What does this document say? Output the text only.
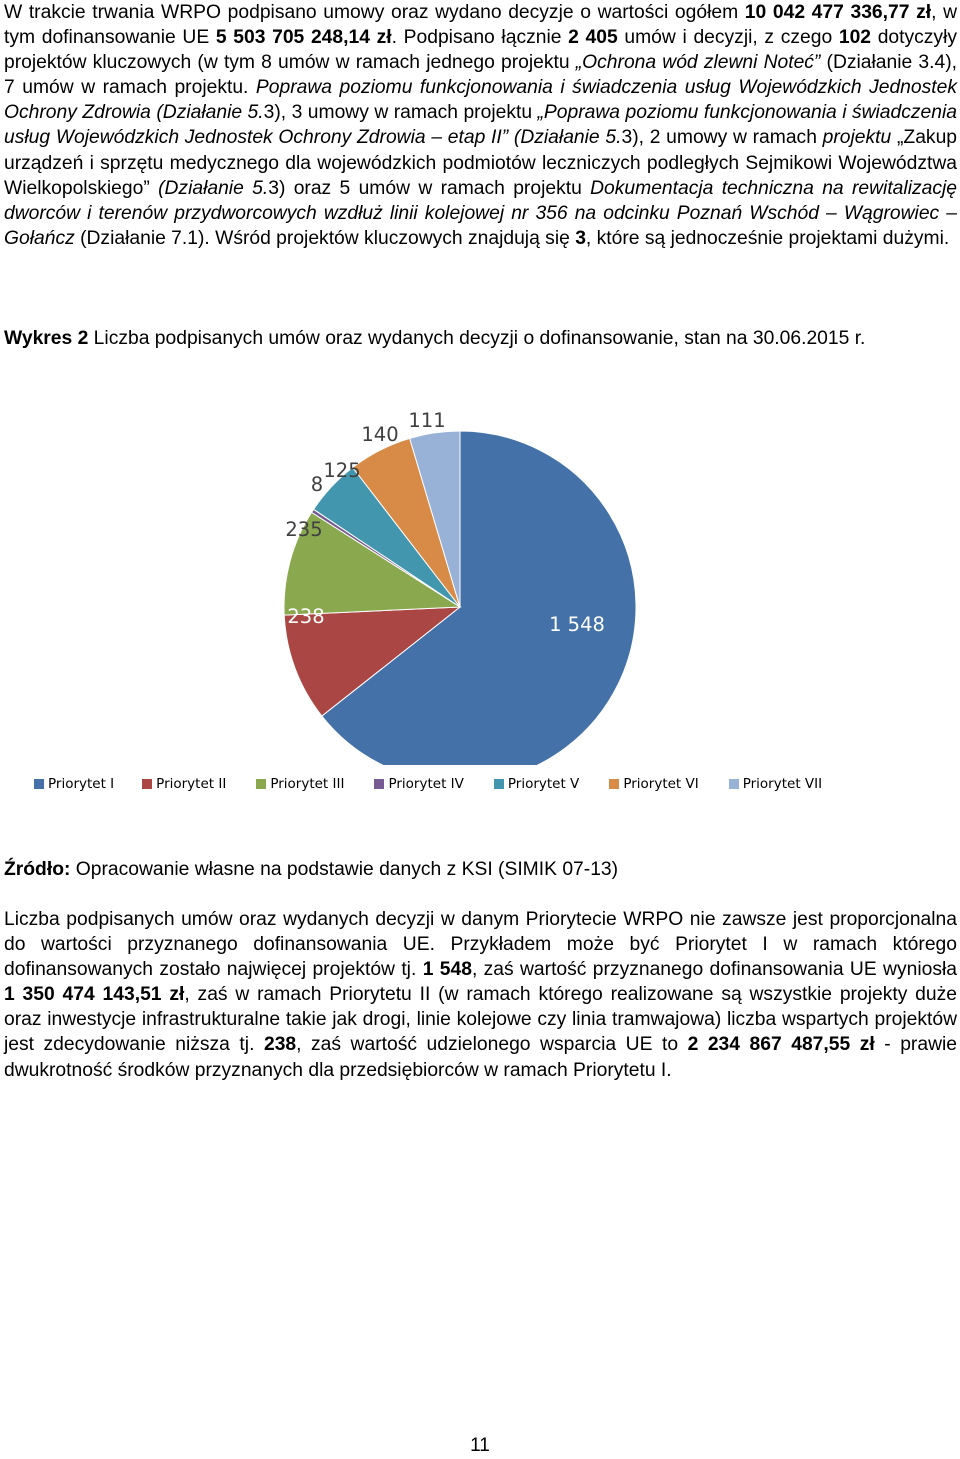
W trakcie trwania WRPO podpisano umowy oraz wydano decyzje o wartości ogółem 10 042 477 336,77 zł, w tym dofinansowanie UE 5 503 705 248,14 zł. Podpisano łącznie 2 405 umów i decyzji, z czego 102 dotyczyły projektów kluczowych (w tym 8 umów w ramach jednego projektu „Ochrona wód zlewni Noteć” (Działanie 3.4), 7 umów w ramach projektu. Poprawa poziomu funkcjonowania i świadczenia usług Wojewódzkich Jednostek Ochrony Zdrowia (Działanie 5.3), 3 umowy w ramach projektu „Poprawa poziomu funkcjonowania i świadczenia usług Wojewódzkich Jednostek Ochrony Zdrowia – etap II” (Działanie 5.3), 2 umowy w ramach projektu „Zakup urządzeń i sprzętu medycznego dla wojewódzkich podmiotów leczniczych podległych Sejmikowi Województwa Wielkopolskiego” (Działanie 5.3) oraz 5 umów w ramach projektu Dokumentacja techniczna na rewitalizację dworców i terenów przydworcowych wzdłuż linii kolejowej nr 356 na odcinku Poznań Wschód – Wągrowiec – Gołańcz (Działanie 7.1). Wśród projektów kluczowych znajdują się 3, które są jednocześnie projektami dużymi.

Wykres 2 Liczba podpisanych umów oraz wydanych decyzji o dofinansowanie, stan na 30.06.2015 r.

1 548
238
235
8
125
140
111
Priorytet I	Priorytet II	Priorytet III	Priorytet IV	Priorytet V	Priorytet VI	Priorytet VII

Źródło: Opracowanie własne na podstawie danych z KSI (SIMIK 07-13)

Liczba podpisanych umów oraz wydanych decyzji w danym Priorytecie WRPO nie zawsze jest proporcjonalna do wartości przyznanego dofinansowania UE. Przykładem może być Priorytet I w ramach którego dofinansowanych zostało najwięcej projektów tj. 1 548, zaś wartość przyznanego dofinansowania UE wyniosła 1 350 474 143,51 zł, zaś w ramach Priorytetu II (w ramach którego realizowane są wszystkie projekty duże oraz inwestycje infrastrukturalne takie jak drogi, linie kolejowe czy linia tramwajowa) liczba wspartych projektów jest zdecydowanie niższa tj. 238, zaś wartość udzielonego wsparcia UE to 2 234 867 487,55 zł - prawie dwukrotność środków przyznanych dla przedsiębiorców w ramach Priorytetu I.

11
